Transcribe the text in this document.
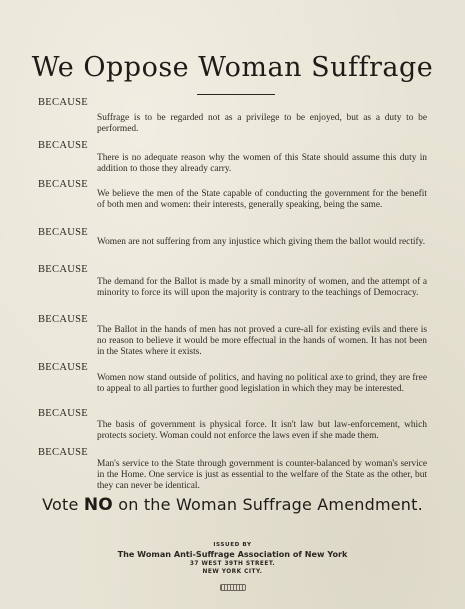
We Oppose Woman Suffrage
BECAUSE
Suffrage is to be regarded not as a privilege to be enjoyed, but as a duty to be performed.
BECAUSE
There is no adequate reason why the women of this State should assume this duty in addition to those they already carry.
BECAUSE
We believe the men of the State capable of conducting the government for the benefit of both men and women: their interests, generally speaking, being the same.
BECAUSE
Women are not suffering from any injustice which giving them the ballot would rectify.
BECAUSE
The demand for the Ballot is made by a small minority of women, and the attempt of a minority to force its will upon the majority is contrary to the teachings of Democracy.
BECAUSE
The Ballot in the hands of men has not proved a cure-all for existing evils and there is no reason to believe it would be more effectual in the hands of women. It has not been in the States where it exists.
BECAUSE
Women now stand outside of politics, and having no political axe to grind, they are free to appeal to all parties to further good legislation in which they may be interested.
BECAUSE
The basis of government is physical force. It isn't law but law-enforcement, which protects society. Woman could not enforce the laws even if she made them.
BECAUSE
Man's service to the State through government is counter-balanced by woman's service in the Home. One service is just as essential to the welfare of the State as the other, but they can never be identical.
Vote NO on the Woman Suffrage Amendment.
ISSUED BY
The Woman Anti-Suffrage Association of New York
37 WEST 39TH STREET.
NEW YORK CITY.
